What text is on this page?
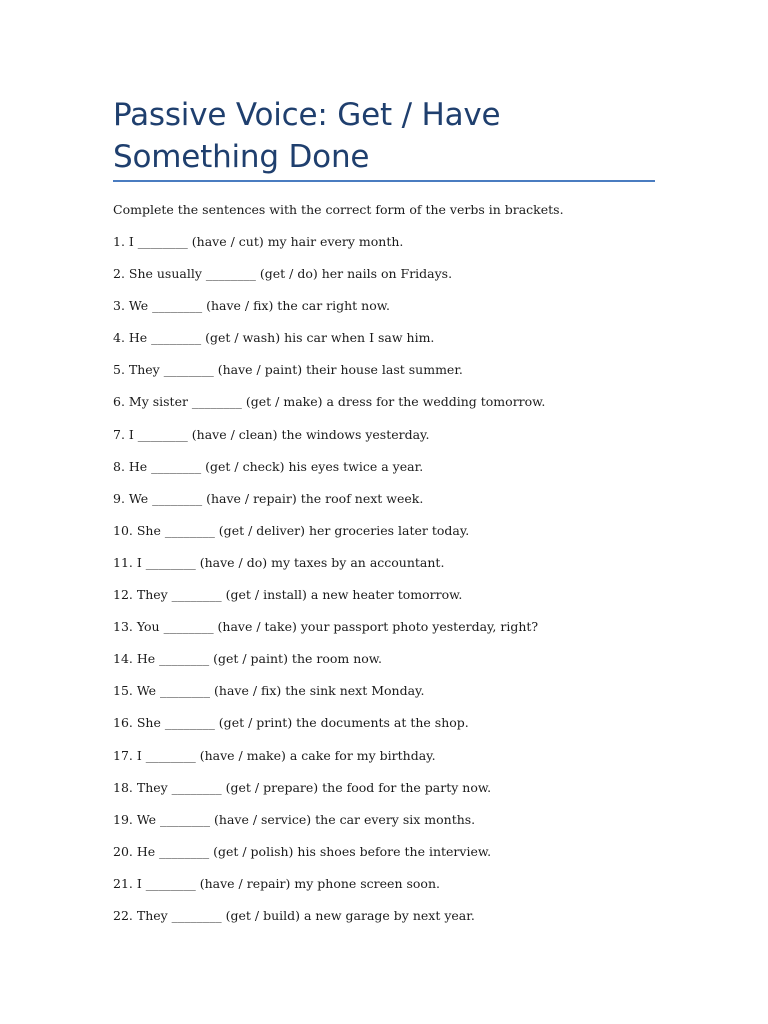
Passive Voice: Get / Have Something Done

Complete the sentences with the correct form of the verbs in brackets.

1. I ________ (have / cut) my hair every month.
2. She usually ________ (get / do) her nails on Fridays.
3. We ________ (have / fix) the car right now.
4. He ________ (get / wash) his car when I saw him.
5. They ________ (have / paint) their house last summer.
6. My sister ________ (get / make) a dress for the wedding tomorrow.
7. I ________ (have / clean) the windows yesterday.
8. He ________ (get / check) his eyes twice a year.
9. We ________ (have / repair) the roof next week.
10. She ________ (get / deliver) her groceries later today.
11. I ________ (have / do) my taxes by an accountant.
12. They ________ (get / install) a new heater tomorrow.
13. You ________ (have / take) your passport photo yesterday, right?
14. He ________ (get / paint) the room now.
15. We ________ (have / fix) the sink next Monday.
16. She ________ (get / print) the documents at the shop.
17. I ________ (have / make) a cake for my birthday.
18. They ________ (get / prepare) the food for the party now.
19. We ________ (have / service) the car every six months.
20. He ________ (get / polish) his shoes before the interview.
21. I ________ (have / repair) my phone screen soon.
22. They ________ (get / build) a new garage by next year.
